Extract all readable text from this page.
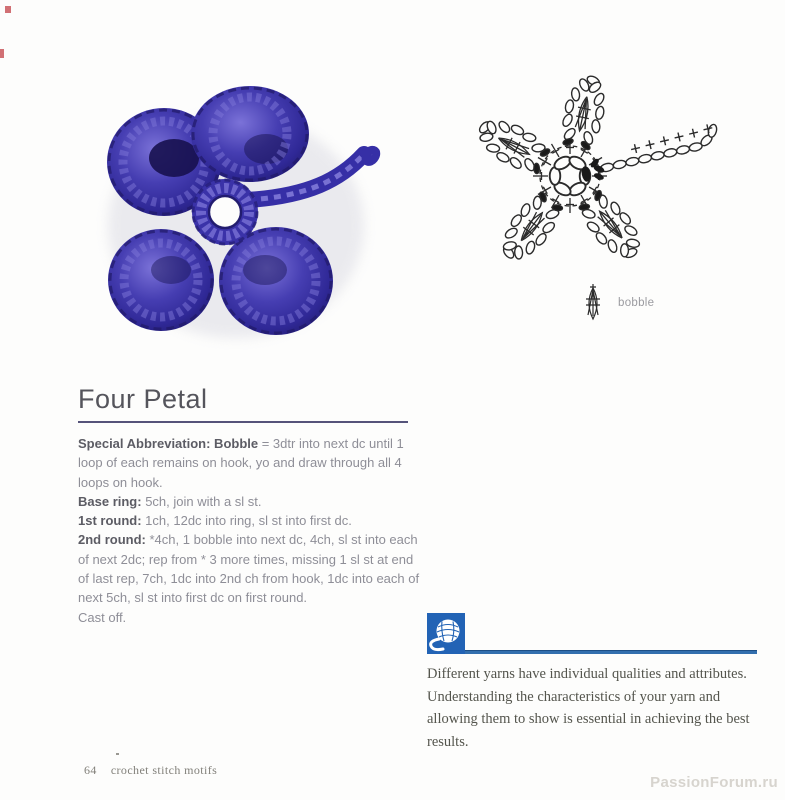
bobble
Four Petal
Special Abbreviation: Bobble = 3dtr into next dc until 1 loop of each remains on hook, yo and draw through all 4 loops on hook.
Base ring: 5ch, join with a sl st.
1st round: 1ch, 12dc into ring, sl st into first dc.
2nd round: *4ch, 1 bobble into next dc, 4ch, sl st into each of next 2dc; rep from * 3 more times, missing 1 sl st at end of last rep, 7ch, 1dc into 2nd ch from hook, 1dc into each of next 5ch, sl st into first dc on first round.
Cast off.
Different yarns have individual qualities and attributes. Understanding the characteristics of your yarn and allowing them to show is essential in achieving the best results.
64 crochet stitch motifs
PassionForum.ru
